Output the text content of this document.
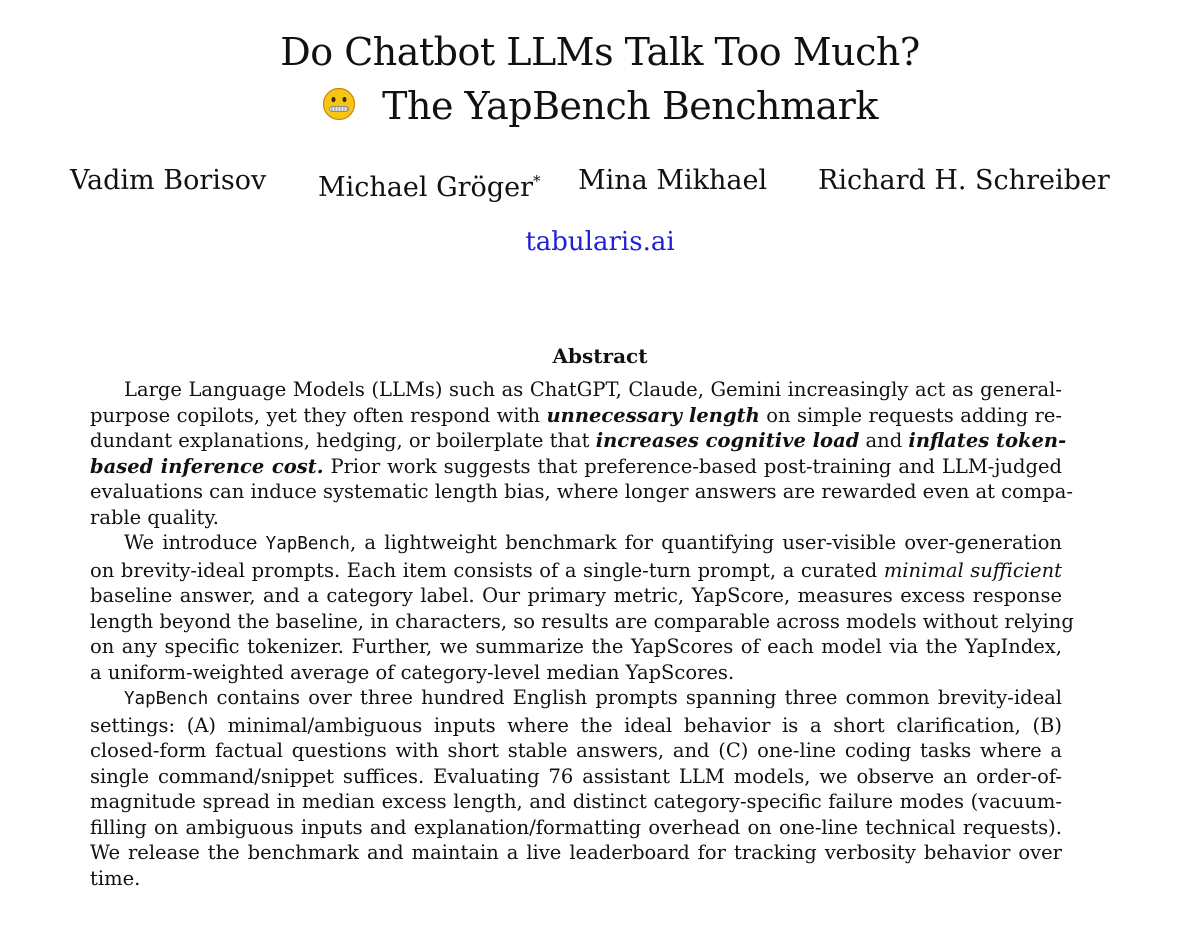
Do Chatbot LLMs Talk Too Much?
The YapBench Benchmark
Vadim Borisov Michael Gröger* Mina Mikhael Richard H. Schreiber
tabularis.ai
Abstract
Large Language Models (LLMs) such as ChatGPT, Claude, Gemini increasingly act as general-
purpose copilots, yet they often respond with unnecessary length on simple requests adding re-
dundant explanations, hedging, or boilerplate that increases cognitive load and inflates token-
based inference cost. Prior work suggests that preference-based post-training and LLM-judged
evaluations can induce systematic length bias, where longer answers are rewarded even at compa-
rable quality.
We introduce YapBench, a lightweight benchmark for quantifying user-visible over-generation
on brevity-ideal prompts. Each item consists of a single-turn prompt, a curated minimal sufficient
baseline answer, and a category label. Our primary metric, YapScore, measures excess response
length beyond the baseline, in characters, so results are comparable across models without relying
on any specific tokenizer. Further, we summarize the YapScores of each model via the YapIndex,
a uniform-weighted average of category-level median YapScores.
YapBench contains over three hundred English prompts spanning three common brevity-ideal
settings: (A) minimal/ambiguous inputs where the ideal behavior is a short clarification, (B)
closed-form factual questions with short stable answers, and (C) one-line coding tasks where a
single command/snippet suffices. Evaluating 76 assistant LLM models, we observe an order-of-
magnitude spread in median excess length, and distinct category-specific failure modes (vacuum-
filling on ambiguous inputs and explanation/formatting overhead on one-line technical requests).
We release the benchmark and maintain a live leaderboard for tracking verbosity behavior over
time.
